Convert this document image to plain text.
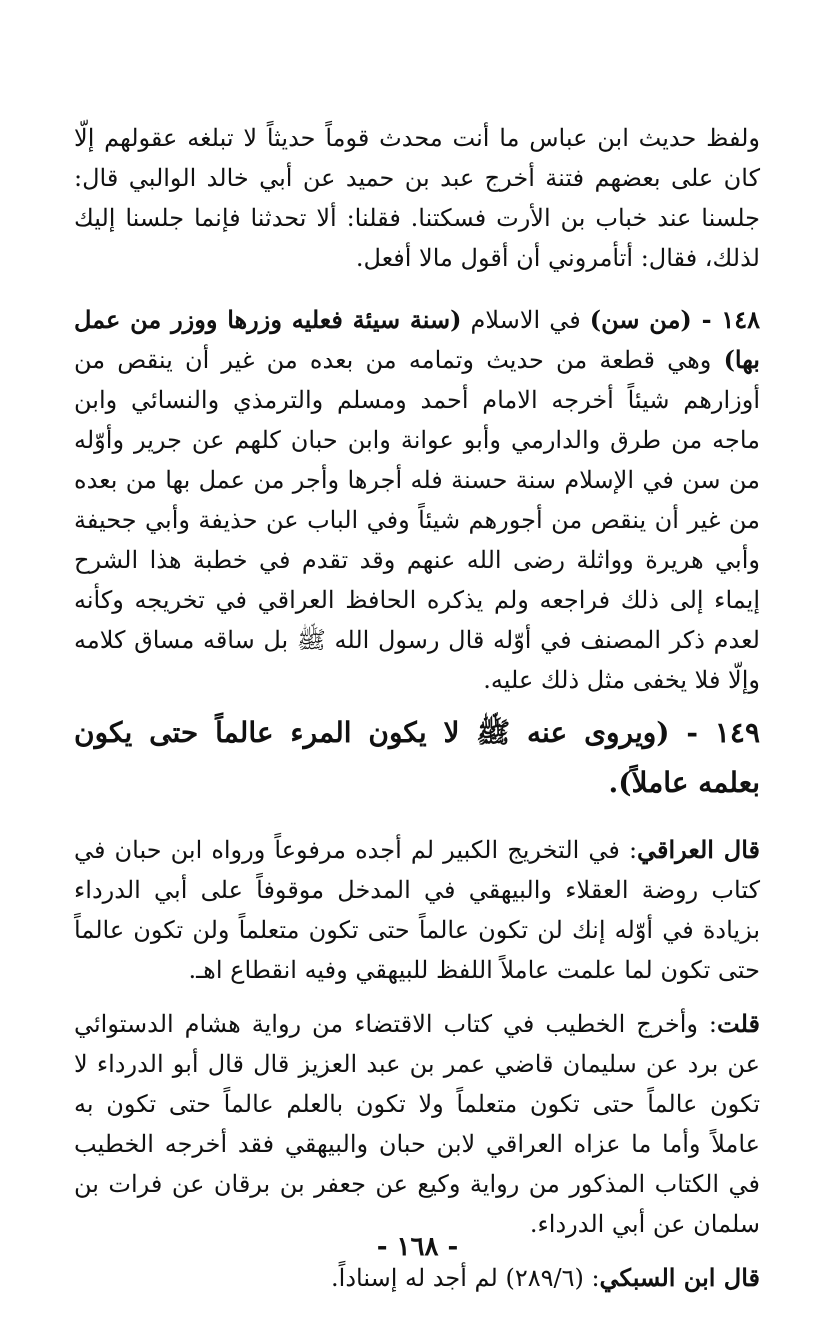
ولفظ حديث ابن عباس ما أنت محدث قوماً حديثاً لا تبلغه عقولهم إلّا كان على بعضهم فتنة أخرج عبد بن حميد عن أبي خالد الوالبي قال: جلسنا عند خباب بن الأرت فسكتنا. فقلنا: ألا تحدثنا فإنما جلسنا إليك لذلك، فقال: أتأمروني أن أقول مالا أفعل.

١٤٨ - (من سن) في الاسلام (سنة سيئة فعليه وزرها ووزر من عمل بها) وهي قطعة من حديث وتمامه من بعده من غير أن ينقص من أوزارهم شيئاً أخرجه الامام أحمد ومسلم والترمذي والنسائي وابن ماجه من طرق والدارمي وأبو عوانة وابن حبان كلهم عن جرير وأوّله من سن في الإسلام سنة حسنة فله أجرها وأجر من عمل بها من بعده من غير أن ينقص من أجورهم شيئاً وفي الباب عن حذيفة وأبي جحيفة وأبي هريرة وواثلة رضى الله عنهم وقد تقدم في خطبة هذا الشرح إيماء إلى ذلك فراجعه ولم يذكره الحافظ العراقي في تخريجه وكأنه لعدم ذكر المصنف في أوّله قال رسول الله ﷺ بل ساقه مساق كلامه وإلّا فلا يخفى مثل ذلك عليه.

١٤٩ - (ويروى عنه ﷺ لا يكون المرء عالماً حتى يكون بعلمه عاملاً).

قال العراقي: في التخريج الكبير لم أجده مرفوعاً ورواه ابن حبان في كتاب روضة العقلاء والبيهقي في المدخل موقوفاً على أبي الدرداء بزيادة في أوّله إنك لن تكون عالماً حتى تكون متعلماً ولن تكون عالماً حتى تكون لما علمت عاملاً اللفظ للبيهقي وفيه انقطاع اهـ.

قلت: وأخرج الخطيب في كتاب الاقتضاء من رواية هشام الدستوائي عن برد عن سليمان قاضي عمر بن عبد العزيز قال قال أبو الدرداء لا تكون عالماً حتى تكون متعلماً ولا تكون بالعلم عالماً حتى تكون به عاملاً وأما ما عزاه العراقي لابن حبان والبيهقي فقد أخرجه الخطيب في الكتاب المذكور من رواية وكيع عن جعفر بن برقان عن فرات بن سلمان عن أبي الدرداء.

قال ابن السبكي: (٢٨٩/٦) لم أجد له إسناداً.

- ١٦٨ -
